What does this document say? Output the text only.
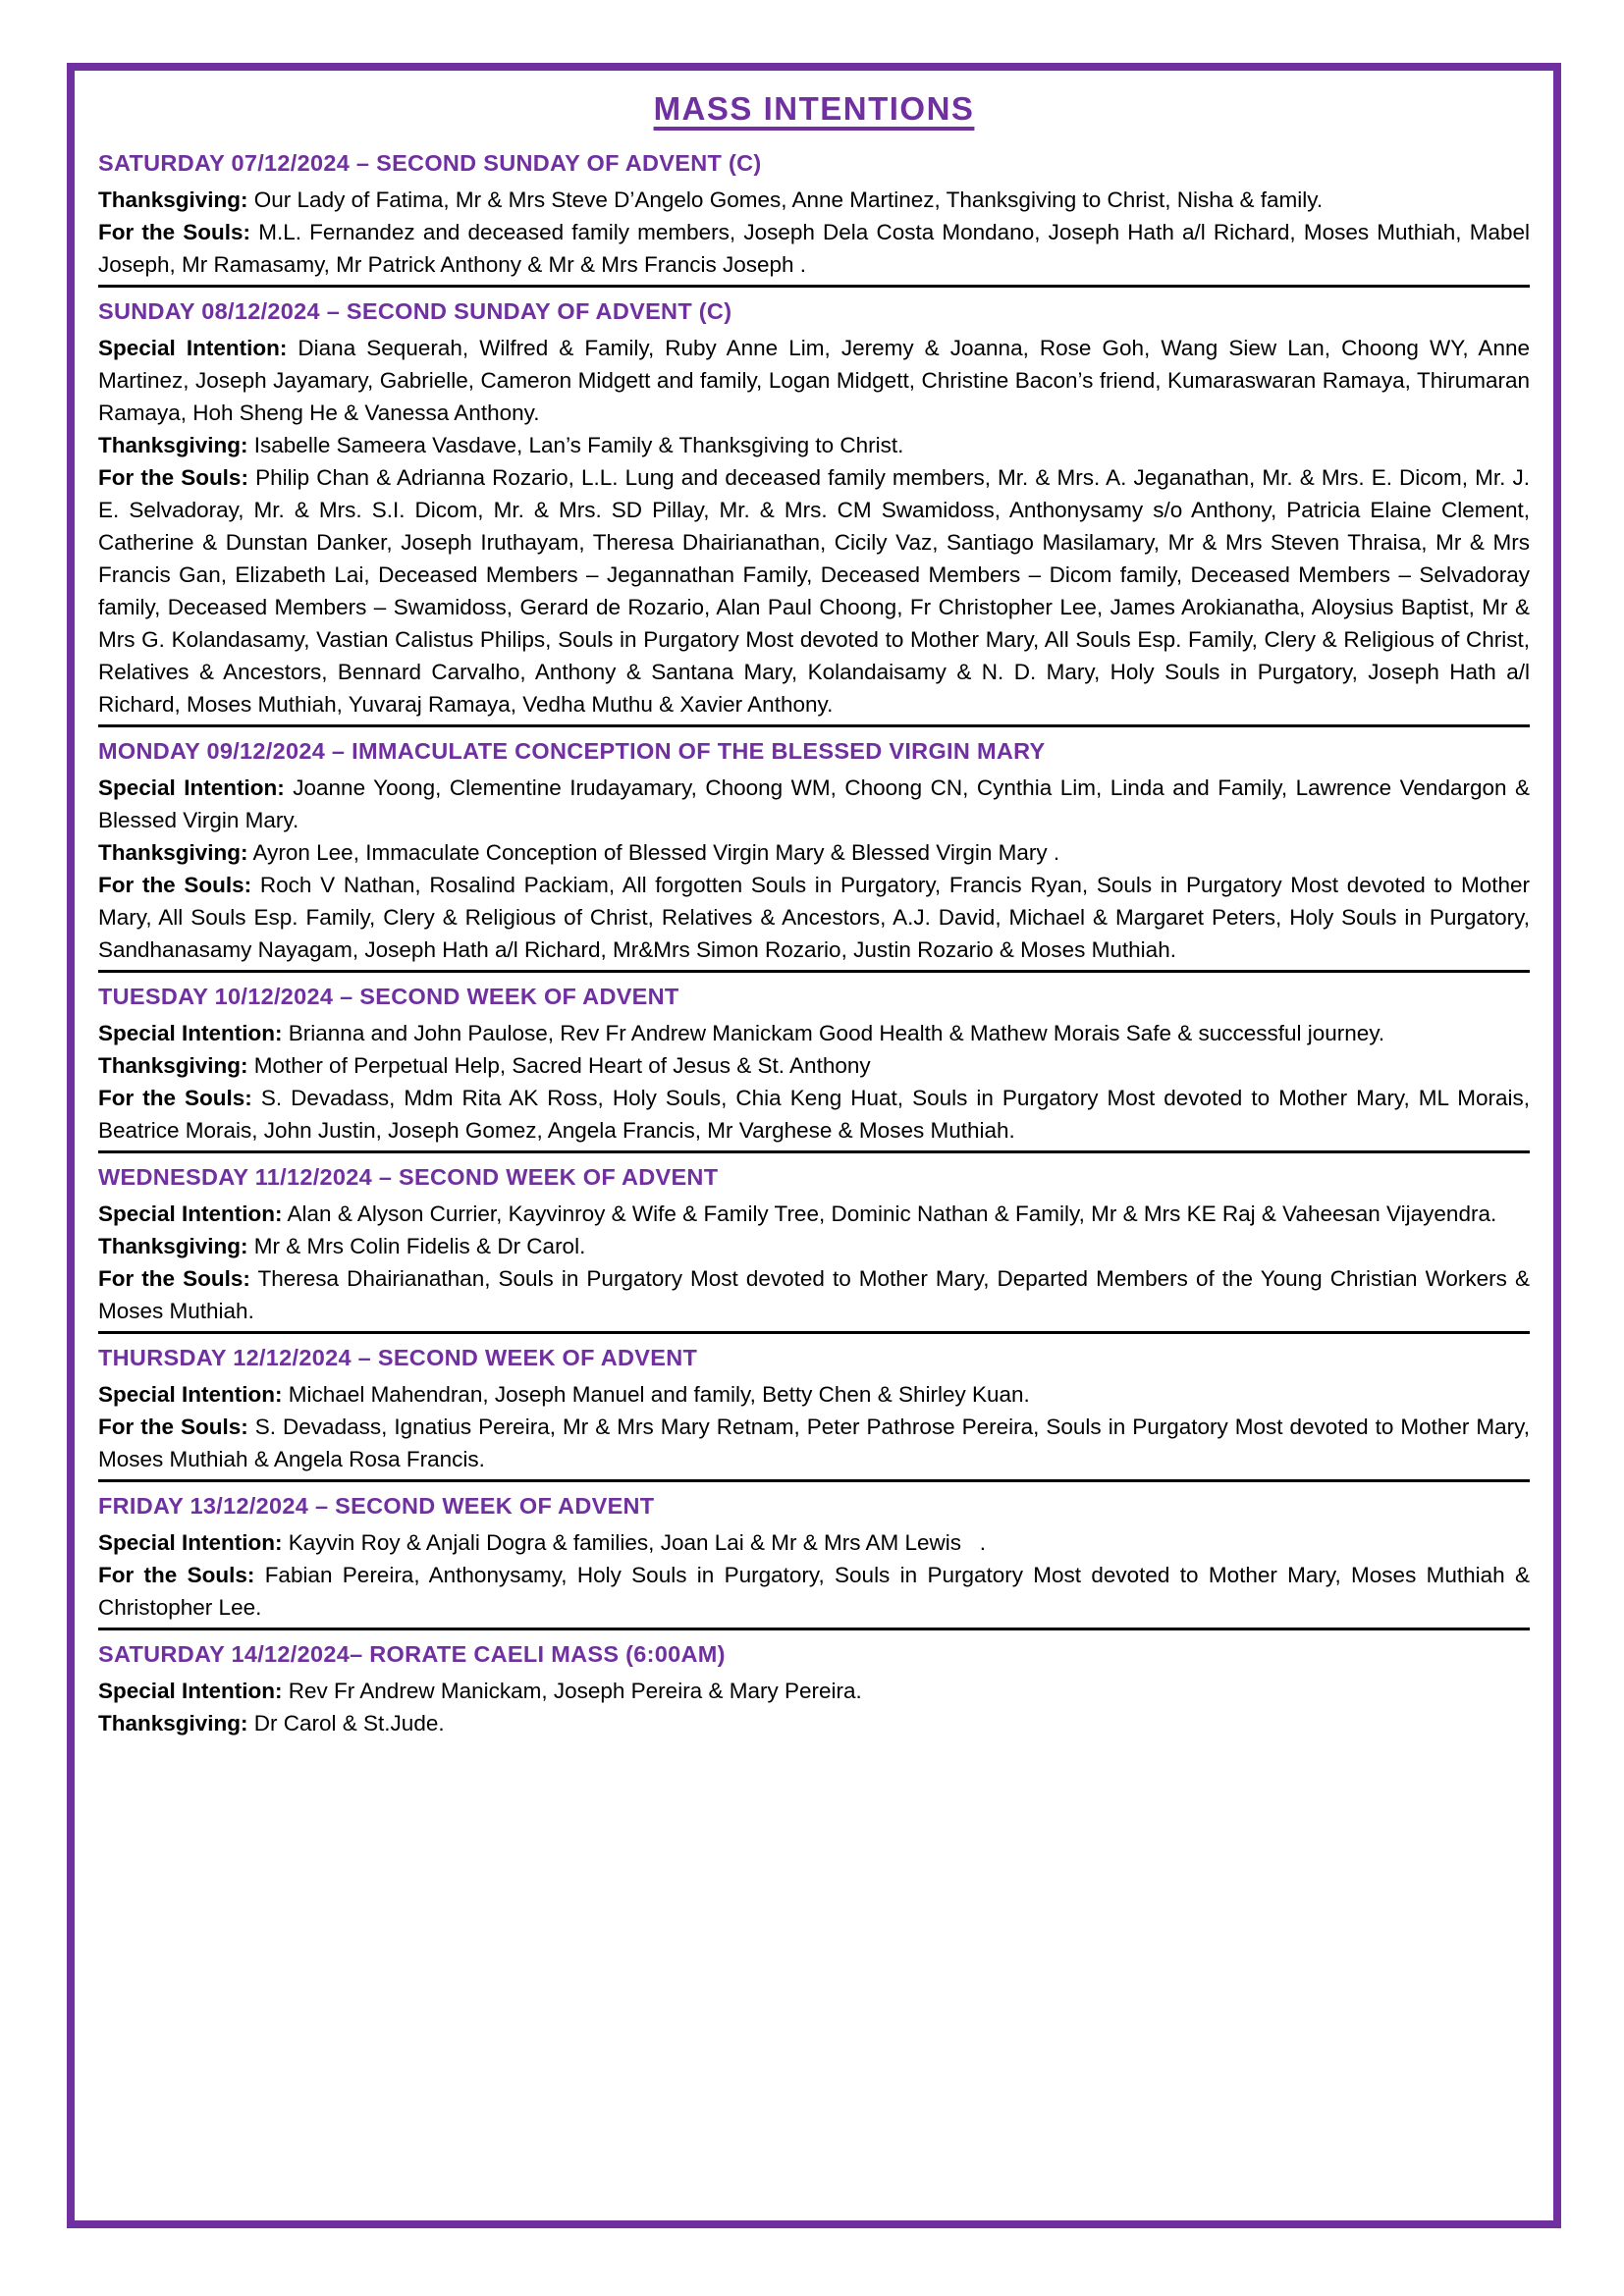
MASS INTENTIONS
SATURDAY 07/12/2024 – SECOND SUNDAY OF ADVENT (C)

Thanksgiving: Our Lady of Fatima, Mr & Mrs Steve D’Angelo Gomes, Anne Martinez, Thanksgiving to Christ, Nisha & family.

For the Souls: M.L. Fernandez and deceased family members, Joseph Dela Costa Mondano, Joseph Hath a/l Richard, Moses Muthiah, Mabel Joseph, Mr Ramasamy, Mr Patrick Anthony & Mr & Mrs Francis Joseph .

SUNDAY 08/12/2024 – SECOND SUNDAY OF ADVENT (C)

Special Intention: Diana Sequerah, Wilfred & Family, Ruby Anne Lim, Jeremy & Joanna, Rose Goh, Wang Siew Lan, Choong WY, Anne Martinez, Joseph Jayamary, Gabrielle, Cameron Midgett and family, Logan Midgett, Christine Bacon’s friend, Kumaraswaran Ramaya, Thirumaran Ramaya, Hoh Sheng He & Vanessa Anthony.

Thanksgiving: Isabelle Sameera Vasdave, Lan’s Family & Thanksgiving to Christ.

For the Souls: Philip Chan & Adrianna Rozario, L.L. Lung and deceased family members, Mr. & Mrs. A. Jeganathan, Mr. & Mrs. E. Dicom, Mr. J. E. Selvadoray, Mr. & Mrs. S.I. Dicom, Mr. & Mrs. SD Pillay, Mr. & Mrs. CM Swamidoss, Anthonysamy s/o Anthony, Patricia Elaine Clement, Catherine & Dunstan Danker, Joseph Iruthayam, Theresa Dhairianathan, Cicily Vaz, Santiago Masilamary, Mr & Mrs Steven Thraisa, Mr & Mrs Francis Gan, Elizabeth Lai, Deceased Members – Jegannathan Family, Deceased Members – Dicom family, Deceased Members – Selvadoray family, Deceased Members – Swamidoss, Gerard de Rozario, Alan Paul Choong, Fr Christopher Lee, James Arokianatha, Aloysius Baptist, Mr & Mrs G. Kolandasamy, Vastian Calistus Philips, Souls in Purgatory Most devoted to Mother Mary, All Souls Esp. Family, Clery & Religious of Christ, Relatives & Ancestors, Bennard Carvalho, Anthony & Santana Mary, Kolandaisamy & N. D. Mary, Holy Souls in Purgatory, Joseph Hath a/l Richard, Moses Muthiah, Yuvaraj Ramaya, Vedha Muthu & Xavier Anthony.

MONDAY 09/12/2024 – IMMACULATE CONCEPTION OF THE BLESSED VIRGIN MARY

Special Intention: Joanne Yoong, Clementine Irudayamary, Choong WM, Choong CN, Cynthia Lim, Linda and Family, Lawrence Vendargon & Blessed Virgin Mary.

Thanksgiving: Ayron Lee, Immaculate Conception of Blessed Virgin Mary & Blessed Virgin Mary .

For the Souls: Roch V Nathan, Rosalind Packiam, All forgotten Souls in Purgatory, Francis Ryan, Souls in Purgatory Most devoted to Mother Mary, All Souls Esp. Family, Clery & Religious of Christ, Relatives & Ancestors, A.J. David, Michael & Margaret Peters, Holy Souls in Purgatory, Sandhanasamy Nayagam, Joseph Hath a/l Richard, Mr&Mrs Simon Rozario, Justin Rozario & Moses Muthiah.

TUESDAY 10/12/2024 – SECOND WEEK OF ADVENT

Special Intention: Brianna and John Paulose, Rev Fr Andrew Manickam Good Health & Mathew Morais Safe & successful journey.

Thanksgiving: Mother of Perpetual Help, Sacred Heart of Jesus & St. Anthony

For the Souls: S. Devadass, Mdm Rita AK Ross, Holy Souls, Chia Keng Huat, Souls in Purgatory Most devoted to Mother Mary, ML Morais, Beatrice Morais, John Justin, Joseph Gomez, Angela Francis, Mr Varghese & Moses Muthiah.

WEDNESDAY 11/12/2024 – SECOND WEEK OF ADVENT

Special Intention: Alan & Alyson Currier, Kayvinroy & Wife & Family Tree, Dominic Nathan & Family, Mr & Mrs KE Raj & Vaheesan Vijayendra.

Thanksgiving: Mr & Mrs Colin Fidelis & Dr Carol.

For the Souls: Theresa Dhairianathan, Souls in Purgatory Most devoted to Mother Mary, Departed Members of the Young Christian Workers & Moses Muthiah.

THURSDAY 12/12/2024 – SECOND WEEK OF ADVENT

Special Intention: Michael Mahendran, Joseph Manuel and family, Betty Chen & Shirley Kuan.

For the Souls: S. Devadass, Ignatius Pereira, Mr & Mrs Mary Retnam, Peter Pathrose Pereira, Souls in Purgatory Most devoted to Mother Mary, Moses Muthiah & Angela Rosa Francis.

FRIDAY 13/12/2024 – SECOND WEEK OF ADVENT

Special Intention: Kayvin Roy & Anjali Dogra & families, Joan Lai & Mr & Mrs AM Lewis   .

For the Souls: Fabian Pereira, Anthonysamy, Holy Souls in Purgatory, Souls in Purgatory Most devoted to Mother Mary, Moses Muthiah & Christopher Lee.

SATURDAY 14/12/2024– RORATE CAELI MASS (6:00AM)

Special Intention: Rev Fr Andrew Manickam, Joseph Pereira & Mary Pereira.

Thanksgiving: Dr Carol & St.Jude.
